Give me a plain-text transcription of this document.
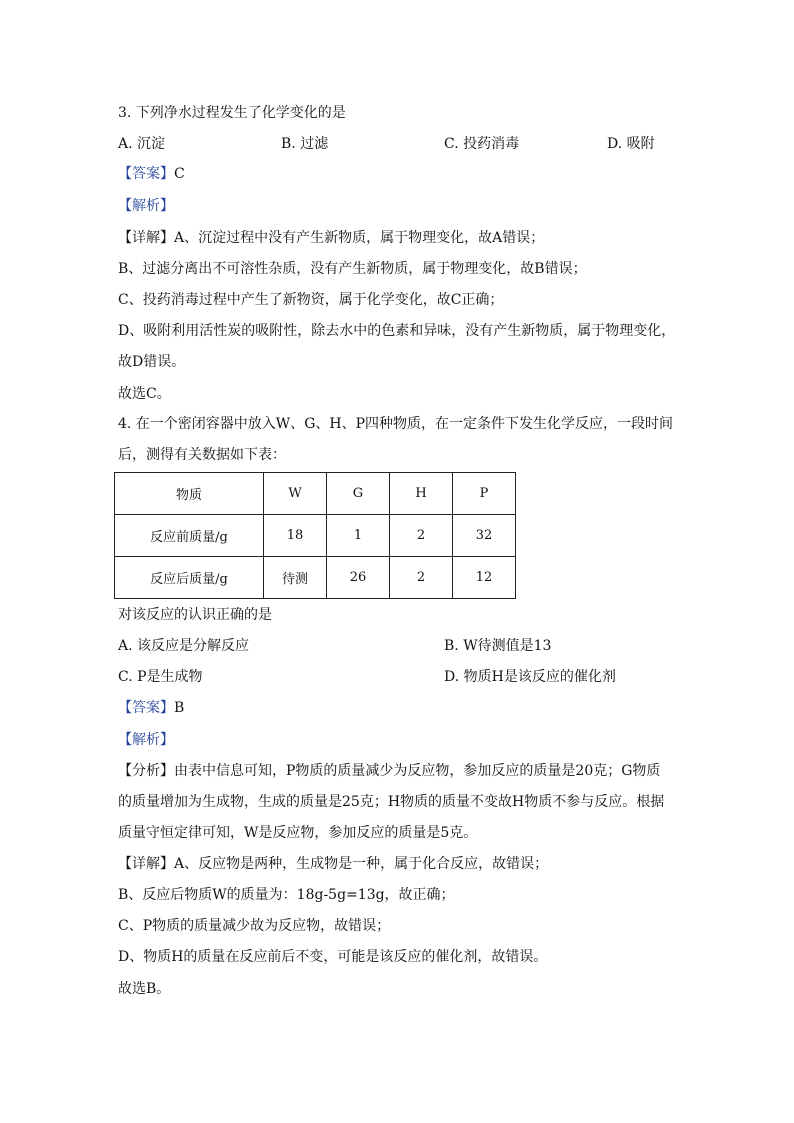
3. 下列净水过程发生了化学变化的是
A. 沉淀	B. 过滤	C. 投药消毒	D. 吸附
【答案】C
【解析】
【详解】A、沉淀过程中没有产生新物质，属于物理变化，故A错误；
B、过滤分离出不可溶性杂质，没有产生新物质，属于物理变化，故B错误；
C、投药消毒过程中产生了新物资，属于化学变化，故C正确；
D、吸附利用活性炭的吸附性，除去水中的色素和异味，没有产生新物质，属于物理变化，
故D错误。
故选C。
4. 在一个密闭容器中放入W、G、H、P四种物质，在一定条件下发生化学反应，一段时间
后，测得有关数据如下表：
物质	W	G	H	P
反应前质量/g	18	1	2	32
反应后质量/g	待测	26	2	12
对该反应的认识正确的是
A. 该反应是分解反应	B. W待测值是13
C. P是生成物	D. 物质H是该反应的催化剂
【答案】B
【解析】
【分析】由表中信息可知，P物质的质量减少为反应物，参加反应的质量是20克；G物质
的质量增加为生成物，生成的质量是25克；H物质的质量不变故H物质不参与反应。根据
质量守恒定律可知，W是反应物，参加反应的质量是5克。
【详解】A、反应物是两种，生成物是一种，属于化合反应，故错误；
B、反应后物质W的质量为：18g-5g=13g，故正确；
C、P物质的质量减少故为反应物，故错误；
D、物质H的质量在反应前后不变，可能是该反应的催化剂，故错误。
故选B。
